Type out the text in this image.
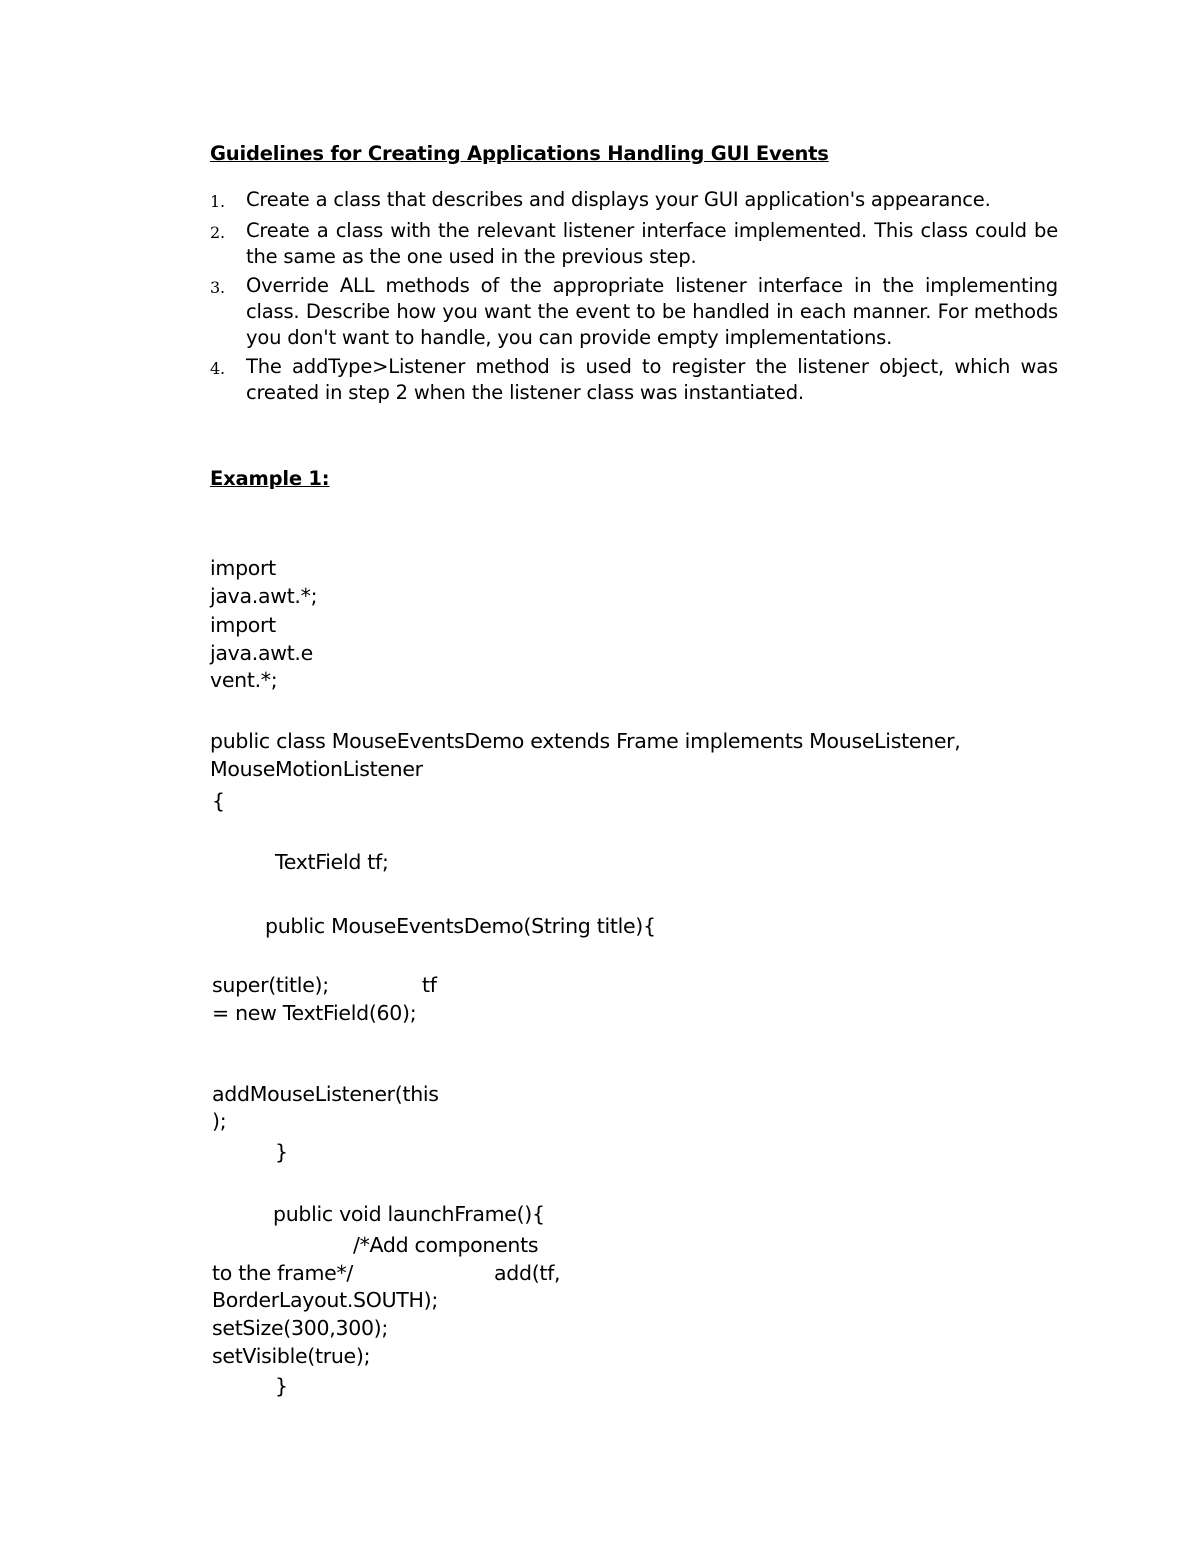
Guidelines for Creating Applications Handling GUI Events
1.	Create a class that describes and displays your GUI application's appearance.
2.	Create a class with the relevant listener interface implemented. This class could be the same as the one used in the previous step.
3.	Override ALL methods of the appropriate listener interface in the implementing class. Describe how you want the event to be handled in each manner. For methods you don't want to handle, you can provide empty implementations.
4.	The addType>Listener method is used to register the listener object, which was created in step 2 when the listener class was instantiated.
Example 1:
import
java.awt.*;
import
java.awt.e
vent.*;
public class MouseEventsDemo extends Frame implements MouseListener,
MouseMotionListener
{
TextField tf;
public MouseEventsDemo(String title){
super(title);	tf
= new TextField(60);
addMouseListener(this
);
}
public void launchFrame(){
/*Add components
to the frame*/	add(tf,
BorderLayout.SOUTH);
setSize(300,300);
setVisible(true);
}
